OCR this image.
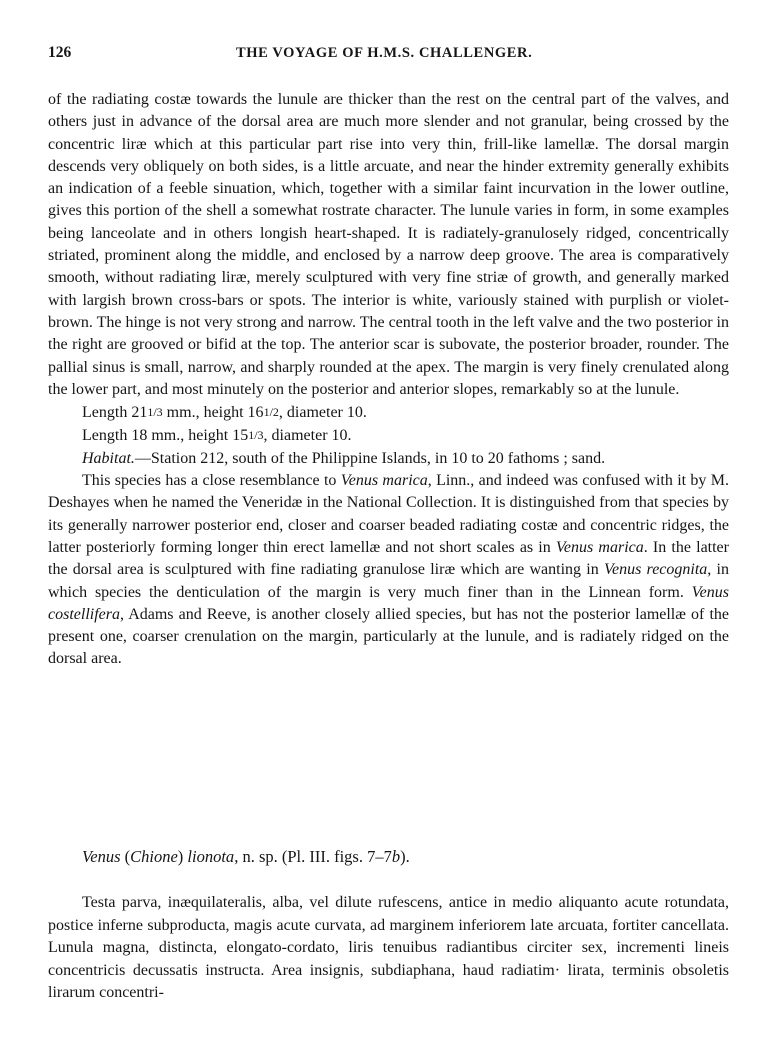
126	THE VOYAGE OF H.M.S. CHALLENGER.

of the radiating costæ towards the lunule are thicker than the rest on the central part of the valves, and others just in advance of the dorsal area are much more slender and not granular, being crossed by the concentric liræ which at this particular part rise into very thin, frill-like lamellæ. The dorsal margin descends very obliquely on both sides, is a little arcuate, and near the hinder extremity generally exhibits an indication of a feeble sinuation, which, together with a similar faint incurvation in the lower outline, gives this portion of the shell a somewhat rostrate character. The lunule varies in form, in some examples being lanceolate and in others longish heart-shaped. It is radiately-granulosely ridged, concentrically striated, prominent along the middle, and enclosed by a narrow deep groove. The area is comparatively smooth, without radiating liræ, merely sculptured with very fine striæ of growth, and generally marked with largish brown cross-bars or spots. The interior is white, variously stained with purplish or violet-brown. The hinge is not very strong and narrow. The central tooth in the left valve and the two posterior in the right are grooved or bifid at the top. The anterior scar is subovate, the posterior broader, rounder. The pallial sinus is small, narrow, and sharply rounded at the apex. The margin is very finely crenulated along the lower part, and most minutely on the posterior and anterior slopes, remarkably so at the lunule.

Length 211/3 mm., height 161/2, diameter 10.

Length 18 mm., height 151/3, diameter 10.

Habitat.—Station 212, south of the Philippine Islands, in 10 to 20 fathoms ; sand.

This species has a close resemblance to Venus marica, Linn., and indeed was confused with it by M. Deshayes when he named the Veneridæ in the National Collection. It is distinguished from that species by its generally narrower posterior end, closer and coarser beaded radiating costæ and concentric ridges, the latter posteriorly forming longer thin erect lamellæ and not short scales as in Venus marica. In the latter the dorsal area is sculptured with fine radiating granulose liræ which are wanting in Venus recognita, in which species the denticulation of the margin is very much finer than in the Linnean form. Venus costellifera, Adams and Reeve, is another closely allied species, but has not the posterior lamellæ of the present one, coarser crenulation on the margin, particularly at the lunule, and is radiately ridged on the dorsal area.

Venus (Chione) lionota, n. sp. (Pl. III. figs. 7–7b).

Testa parva, inæquilateralis, alba, vel dilute rufescens, antice in medio aliquanto acute rotundata, postice inferne subproducta, magis acute curvata, ad marginem inferiorem late arcuata, fortiter cancellata. Lunula magna, distincta, elongato-cordato, liris tenuibus radiantibus circiter sex, incrementi lineis concentricis decussatis instructa. Area insignis, subdiaphana, haud radiatim· lirata, terminis obsoletis lirarum concentri-
